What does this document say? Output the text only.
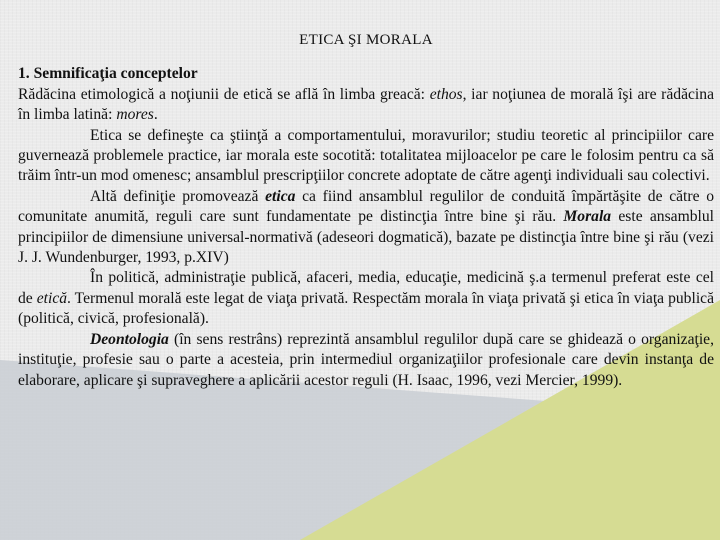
ETICA ŞI MORALA

1. Semnificaţia conceptelor

Rădăcina etimologică a noţiunii de etică se află în limba greacă: ethos, iar noţiunea de morală îşi are rădăcina în limba latină: mores.

Etica se defineşte ca ştiinţă a comportamentului, moravurilor; studiu teoretic al principiilor care guvernează problemele practice, iar morala este socotită: totalitatea mijloacelor pe care le folosim pentru ca să trăim într-un mod omenesc; ansamblul prescripţiilor concrete adoptate de către agenţi individuali sau colectivi.

Altă definiţie promovează etica ca fiind ansamblul regulilor de conduită împărtăşite de către o comunitate anumită, reguli care sunt fundamentate pe distincţia între bine şi rău. Morala este ansamblul principiilor de dimensiune universal-normativă (adeseori dogmatică), bazate pe distincţia între bine şi rău (vezi J. J. Wundenburger, 1993, p.XIV)

În politică, administraţie publică, afaceri, media, educaţie, medicină ş.a termenul preferat este cel de etică. Termenul morală este legat de viaţa privată. Respectăm morala în viaţa privată şi etica în viaţa publică (politică, civică, profesională).

Deontologia (în sens restrâns) reprezintă ansamblul regulilor după care se ghidează o organizaţie, instituţie, profesie sau o parte a acesteia, prin intermediul organizaţiilor profesionale care devin instanţa de elaborare, aplicare şi supraveghere a aplicării acestor reguli (H. Isaac, 1996, vezi Mercier, 1999).
